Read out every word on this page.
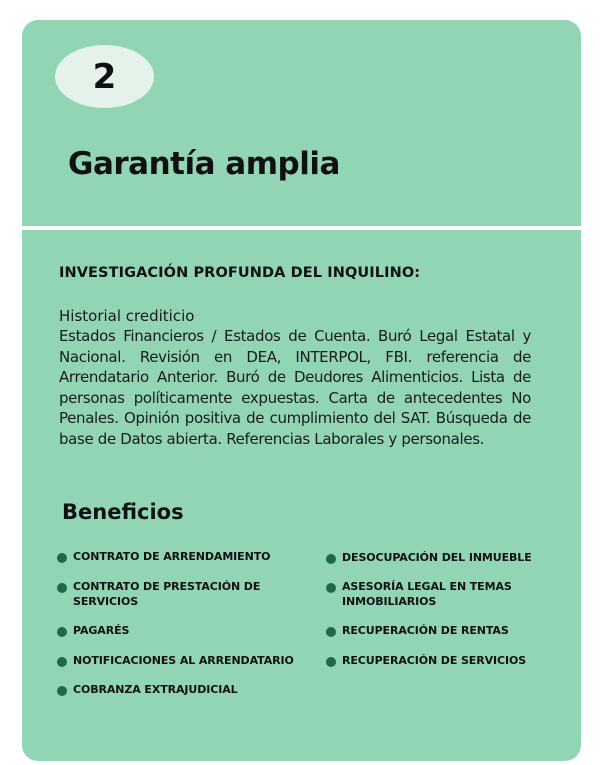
2
Garantía amplia
INVESTIGACIÓN PROFUNDA DEL INQUILINO:

Historial crediticio

Estados Financieros / Estados de Cuenta. Buró Legal Estatal y Nacional. Revisión en DEA, INTERPOL, FBI. referencia de Arrendatario Anterior. Buró de Deudores Alimenticios. Lista de personas políticamente expuestas. Carta de antecedentes No Penales. Opinión positiva de cumplimiento del SAT. Búsqueda de base de Datos abierta. Referencias Laborales y personales.

Beneficios
CONTRATO DE ARRENDAMIENTO
CONTRATO DE PRESTACIÓN DE SERVICIOS
PAGARÉS
NOTIFICACIONES AL ARRENDATARIO
COBRANZA EXTRAJUDICIAL
DESOCUPACIÓN DEL INMUEBLE
ASESORÍA LEGAL EN TEMAS INMOBILIARIOS
RECUPERACIÓN DE RENTAS
RECUPERACIÓN DE SERVICIOS
